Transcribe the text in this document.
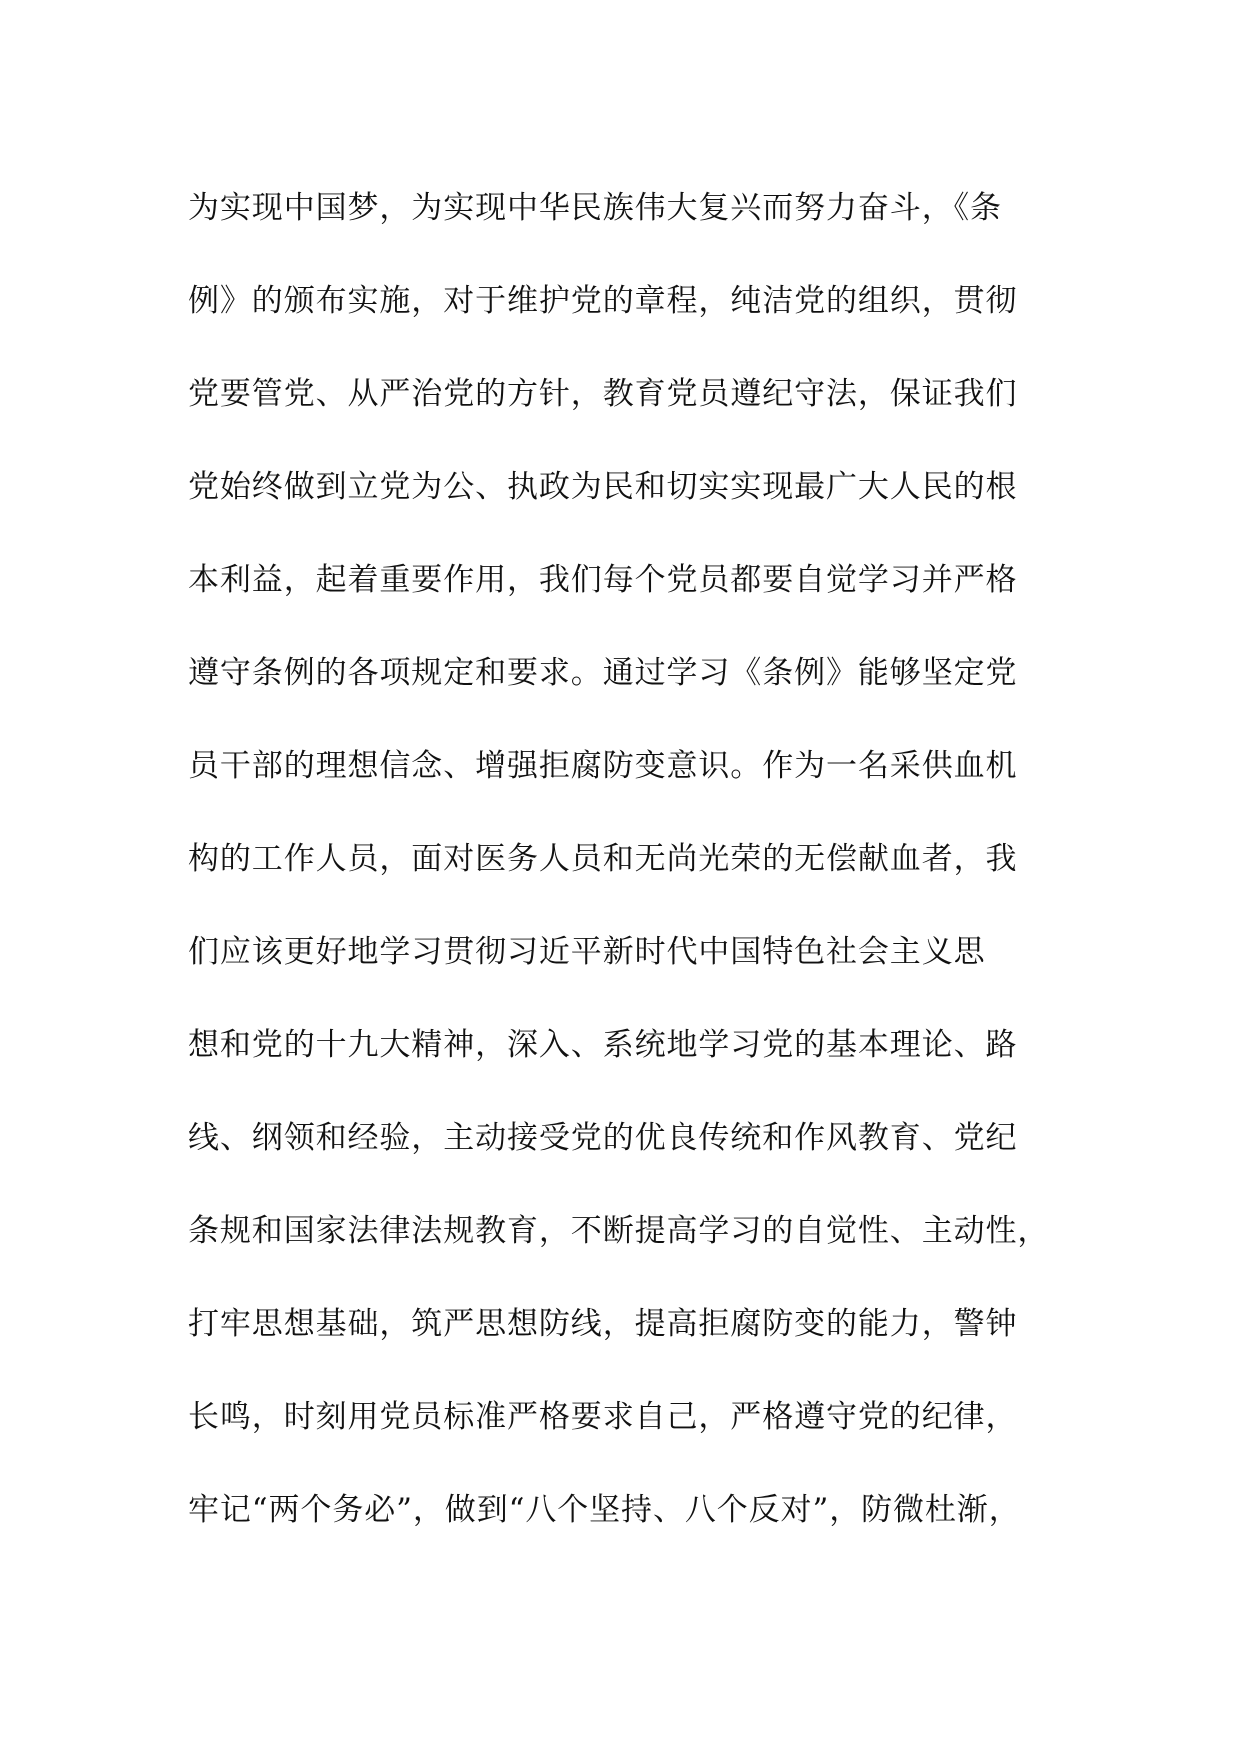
为实现中国梦，为实现中华民族伟大复兴而努力奋斗，《条
例》的颁布实施，对于维护党的章程，纯洁党的组织，贯彻
党要管党、从严治党的方针，教育党员遵纪守法，保证我们
党始终做到立党为公、执政为民和切实实现最广大人民的根
本利益，起着重要作用，我们每个党员都要自觉学习并严格
遵守条例的各项规定和要求。通过学习《条例》能够坚定党
员干部的理想信念、增强拒腐防变意识。作为一名采供血机
构的工作人员，面对医务人员和无尚光荣的无偿献血者，我
们应该更好地学习贯彻习近平新时代中国特色社会主义思
想和党的十九大精神，深入、系统地学习党的基本理论、路
线、纲领和经验，主动接受党的优良传统和作风教育、党纪
条规和国家法律法规教育，不断提高学习的自觉性、主动性，
打牢思想基础，筑严思想防线，提高拒腐防变的能力，警钟
长鸣，时刻用党员标准严格要求自己，严格遵守党的纪律，
牢记“两个务必”，做到“八个坚持、八个反对”，防微杜渐，
